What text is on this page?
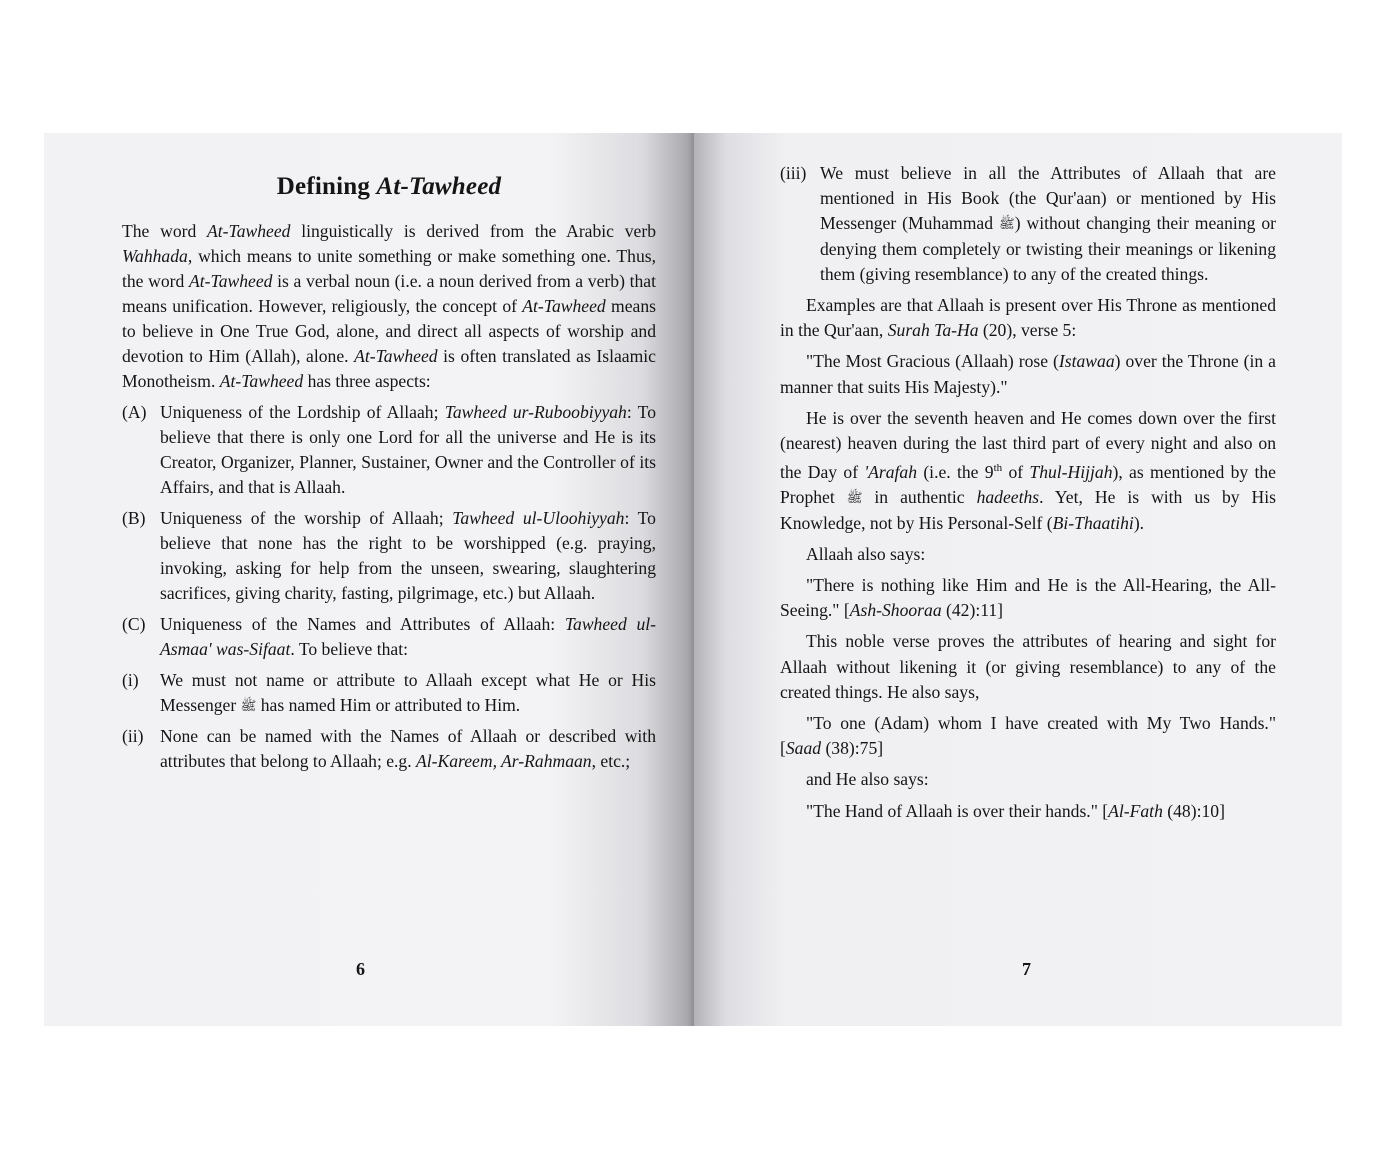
Defining At-Tawheed

The word At-Tawheed linguistically is derived from the Arabic verb Wahhada, which means to unite something or make something one. Thus, the word At-Tawheed is a verbal noun (i.e. a noun derived from a verb) that means unification. However, religiously, the concept of At-Tawheed means to believe in One True God, alone, and direct all aspects of worship and devotion to Him (Allah), alone. At-Tawheed is often translated as Islaamic Monotheism. At-Tawheed has three aspects:

(A) Uniqueness of the Lordship of Allaah; Tawheed ur-Ruboobiyyah: To believe that there is only one Lord for all the universe and He is its Creator, Organizer, Planner, Sustainer, Owner and the Controller of its Affairs, and that is Allaah.
(B) Uniqueness of the worship of Allaah; Tawheed ul-Uloohiyyah: To believe that none has the right to be worshipped (e.g. praying, invoking, asking for help from the unseen, swearing, slaughtering sacrifices, giving charity, fasting, pilgrimage, etc.) but Allaah.
(C) Uniqueness of the Names and Attributes of Allaah: Tawheed ul-Asmaa' was-Sifaat. To believe that:
(i)	We must not name or attribute to Allaah except what He or His Messenger ﷺ has named Him or attributed to Him.
(ii) None can be named with the Names of Allaah or described with attributes that belong to Allaah; e.g. Al-Kareem, Ar-Rahmaan, etc.;
6
(iii) We must believe in all the Attributes of Allaah that are mentioned in His Book (the Qur'aan) or mentioned by His Messenger (Muhammad ﷺ) without changing their meaning or denying them completely or twisting their meanings or likening them (giving resemblance) to any of the created things.

Examples are that Allaah is present over His Throne as mentioned in the Qur'aan, Surah Ta-Ha (20), verse 5:

"The Most Gracious (Allaah) rose (Istawaa) over the Throne (in a manner that suits His Majesty)."

He is over the seventh heaven and He comes down over the first (nearest) heaven during the last third part of every night and also on the Day of 'Arafah (i.e. the 9th of Thul-Hijjah), as mentioned by the Prophet ﷺ in authentic hadeeths. Yet, He is with us by His Knowledge, not by His Personal-Self (Bi-Thaatihi).

Allaah also says:

"There is nothing like Him and He is the All-Hearing, the All-Seeing." [Ash-Shooraa (42):11]

This noble verse proves the attributes of hearing and sight for Allaah without likening it (or giving resemblance) to any of the created things. He also says,

"To one (Adam) whom I have created with My Two Hands." [Saad (38):75]

and He also says:

"The Hand of Allaah is over their hands." [Al-Fath (48):10]

7
